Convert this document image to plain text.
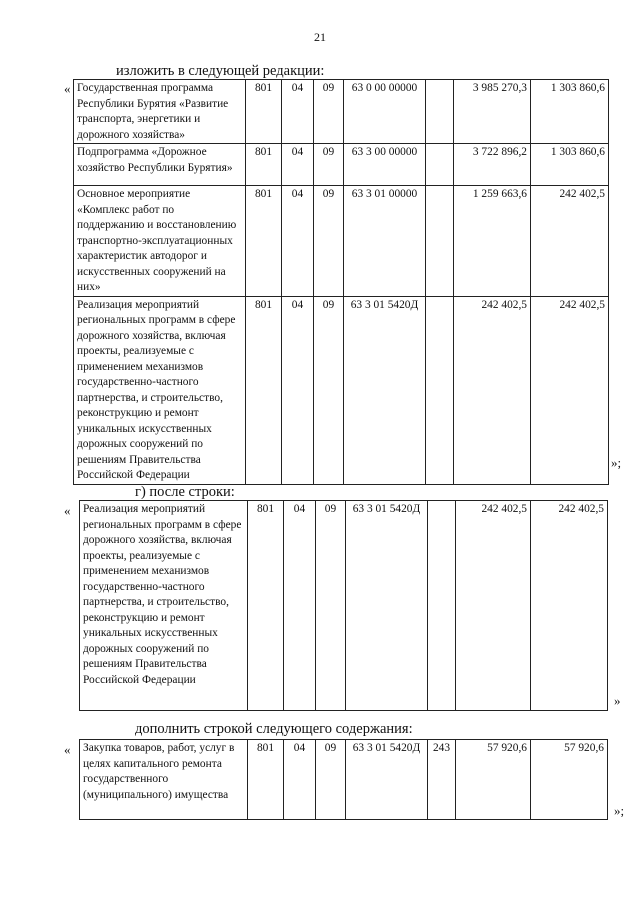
21
изложить в следующей редакции:
« Государственная программа Республики Бурятия «Развитие транспорта, энергетики и дорожного хозяйства»	801	04	09	63 0 00 00000		3 985 270,3	1 303 860,6
Подпрограмма «Дорожное хозяйство Республики Бурятия»	801	04	09	63 3 00 00000		3 722 896,2	1 303 860,6
Основное мероприятие «Комплекс работ по поддержанию и восстановлению транспортно-эксплуатационных характеристик автодорог и искусственных сооружений на них»	801	04	09	63 3 01 00000		1 259 663,6	242 402,5
Реализация мероприятий региональных программ в сфере дорожного хозяйства, включая проекты, реализуемые с применением механизмов государственно-частного партнерства, и строительство, реконструкцию и ремонт уникальных искусственных дорожных сооружений по решениям Правительства Российской Федерации	801	04	09	63 3 01 5420Д		242 402,5	242 402,5
»;
г) после строки:
« Реализация мероприятий региональных программ в сфере дорожного хозяйства, включая проекты, реализуемые с применением механизмов государственно-частного партнерства, и строительство, реконструкцию и ремонт уникальных искусственных дорожных сооружений по решениям Правительства Российской Федерации	801	04	09	63 3 01 5420Д		242 402,5	242 402,5
»
дополнить строкой следующего содержания:
« Закупка товаров, работ, услуг в целях капитального ремонта государственного (муниципального) имущества	801	04	09	63 3 01 5420Д	243	57 920,6	57 920,6
»;
